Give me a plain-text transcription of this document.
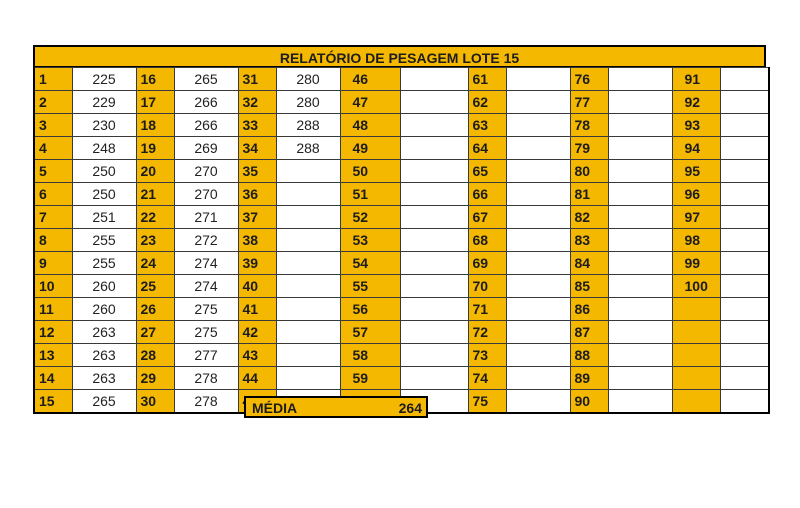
RELATÓRIO DE PESAGEM LOTE 15
1	225	16	265	31	280	46		61		76		91	
2	229	17	266	32	280	47		62		77		92	
3	230	18	266	33	288	48		63		78		93	
4	248	19	269	34	288	49		64		79		94	
5	250	20	270	35		50		65		80		95	
6	250	21	270	36		51		66		81		96	
7	251	22	271	37		52		67		82		97	
8	255	23	272	38		53		68		83		98	
9	255	24	274	39		54		69		84		99	
10	260	25	274	40		55		70		85		100	
11	260	26	275	41		56		71		86			
12	263	27	275	42		57		72		87			
13	263	28	277	43		58		73		88			
14	263	29	278	44		59		74		89			
15	265	30	278					75		90			
MÉDIA	264
